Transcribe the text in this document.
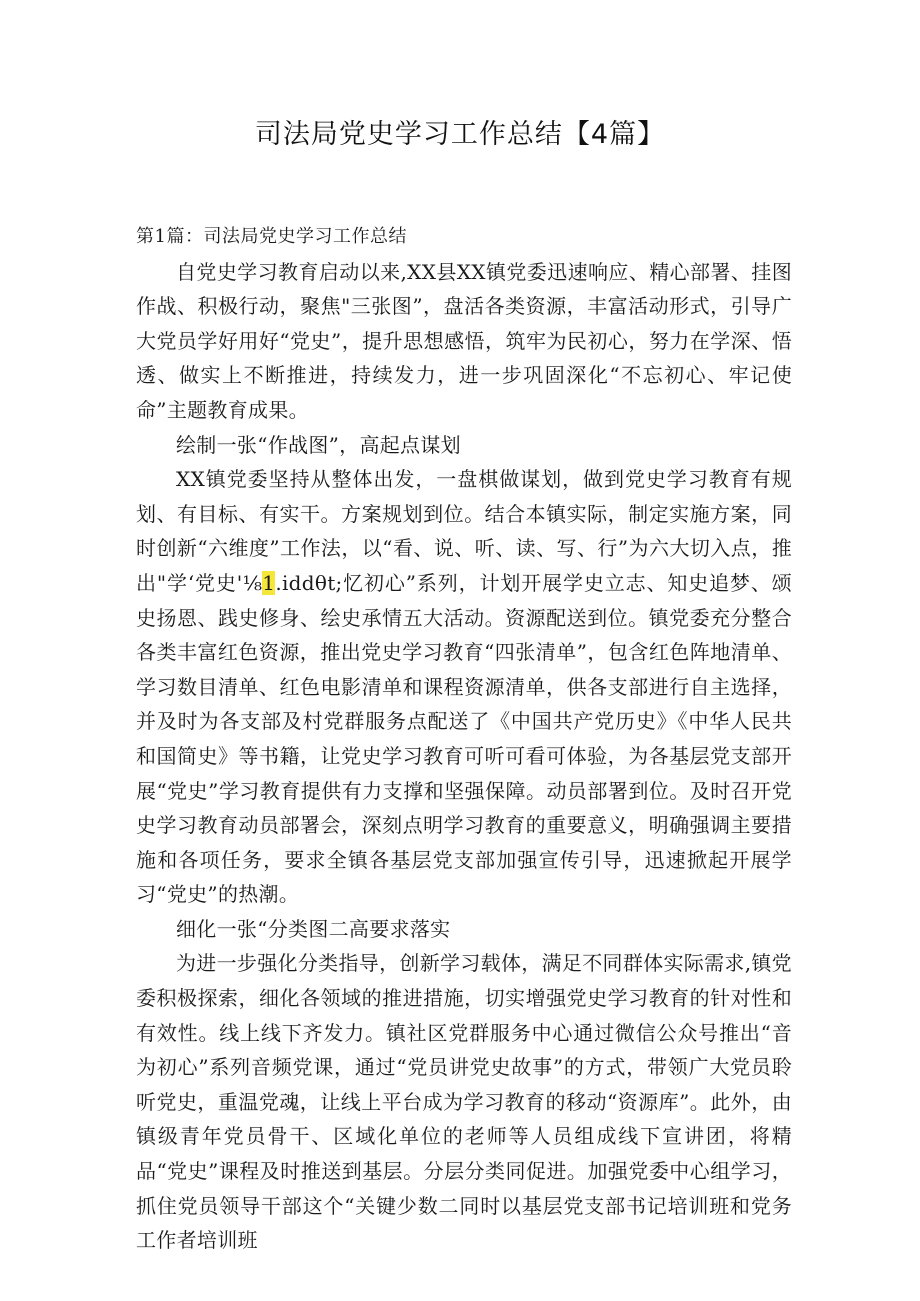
司法局党史学习工作总结【4篇】

第1篇：司法局党史学习工作总结

自党史学习教育启动以来,XX县XX镇党委迅速响应、精心部署、挂图作战、积极行动，聚焦"三张图”，盘活各类资源，丰富活动形式，引导广大党员学好用好“党史”，提升思想感悟，筑牢为民初心，努力在学深、悟透、做实上不断推进，持续发力，进一步巩固深化“不忘初心、牢记使命”主题教育成果。

绘制一张“作战图”，高起点谋划

XX镇党委坚持从整体出发，一盘棋做谋划，做到党史学习教育有规划、有目标、有实干。方案规划到位。结合本镇实际，制定实施方案，同时创新“六维度”工作法，以“看、说、听、读、写、行”为六大切入点，推出"学‘党史'⅛1.iddθt;忆初心”系列，计划开展学史立志、知史追梦、颂史扬恩、践史修身、绘史承情五大活动。资源配送到位。镇党委充分整合各类丰富红色资源，推出党史学习教育“四张清单”，包含红色阵地清单、学习数目清单、红色电影清单和课程资源清单，供各支部进行自主选择，并及时为各支部及村党群服务点配送了《中国共产党历史》《中华人民共和国简史》等书籍，让党史学习教育可听可看可体验，为各基层党支部开展“党史”学习教育提供有力支撑和坚强保障。动员部署到位。及时召开党史学习教育动员部署会，深刻点明学习教育的重要意义，明确强调主要措施和各项任务，要求全镇各基层党支部加强宣传引导，迅速掀起开展学习“党史”的热潮。

细化一张“分类图二高要求落实

为进一步强化分类指导，创新学习载体，满足不同群体实际需求,镇党委积极探索，细化各领域的推进措施，切实增强党史学习教育的针对性和有效性。线上线下齐发力。镇社区党群服务中心通过微信公众号推出“音为初心”系列音频党课，通过“党员讲党史故事”的方式，带领广大党员聆听党史，重温党魂，让线上平台成为学习教育的移动“资源库”。此外，由镇级青年党员骨干、区域化单位的老师等人员组成线下宣讲团，将精品“党史”课程及时推送到基层。分层分类同促进。加强党委中心组学习，抓住党员领导干部这个“关键少数二同时以基层党支部书记培训班和党务工作者培训班
